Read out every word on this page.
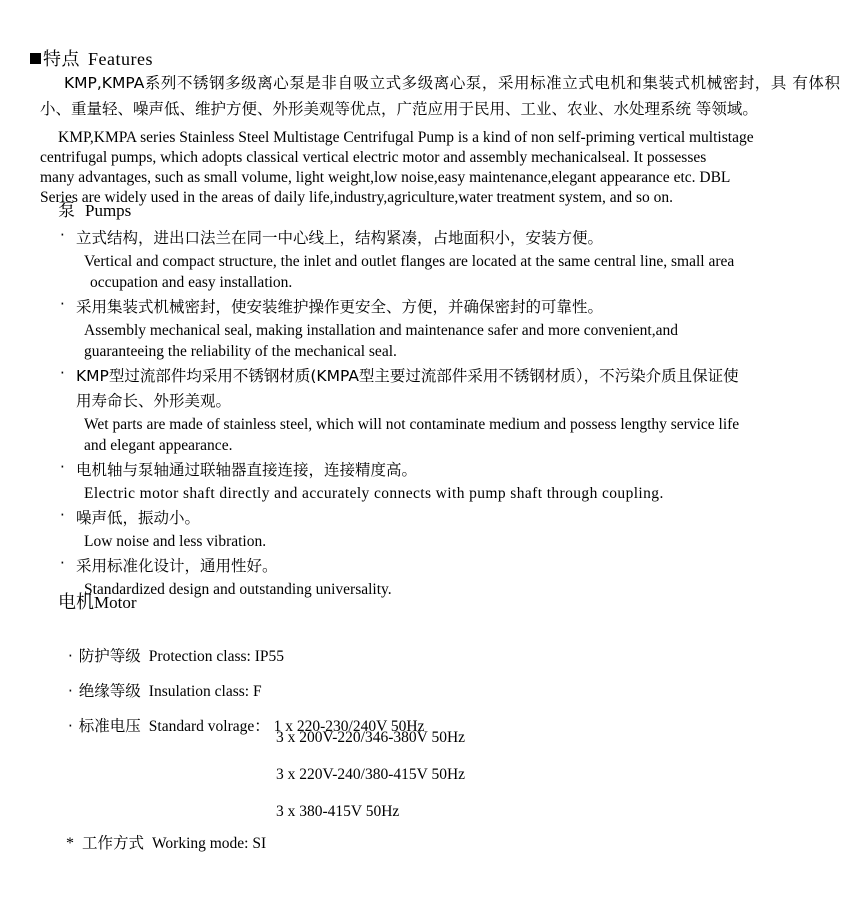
特点 Features

KMP,KMPA系列不锈钢多级离心泵是非自吸立式多级离心泵，采用标准立式电机和集装式机械密封，具 有体积小、重量轻、噪声低、维护方便、外形美观等优点，广范应用于民用、工业、农业、水处理系统 等领域。

KMP,KMPA series Stainless Steel Multistage Centrifugal Pump is a kind of non self-priming vertical multistage

centrifugal pumps, which adopts classical vertical electric motor and assembly mechanicalseal. It possesses
many advantages, such as small volume, light weight,low noise,easy maintenance,elegant appearance etc. DBL
Series are widely used in the areas of daily life,industry,agriculture,water treatment system, and so on.
泵 Pumps
· 立式结构，进出口法兰在同一中心线上，结构紧凑，占地面积小，安装方便。
Vertical and compact structure, the inlet and outlet flanges are located at the same central line, small area
occupation and easy installation.
· 采用集装式机械密封，使安装维护操作更安全、方便，并确保密封的可靠性。
Assembly mechanical seal, making installation and maintenance safer and more convenient,and
guaranteeing the reliability of the mechanical seal.
· KMP型过流部件均采用不锈钢材质(KMPA型主要过流部件采用不锈钢材质），不污染介质且保证使
用寿命长、外形美观。
Wet parts are made of stainless steel, which will not contaminate medium and possess lengthy service life
and elegant appearance.
· 电机轴与泵轴通过联轴器直接连接，连接精度高。
Electric motor shaft directly and accurately connects with pump shaft through coupling.
· 噪声低，振动小。
Low noise and less vibration.
· 采用标准化设计，通用性好。
Standardized design and outstanding universality.
电机Motor
· 防护等级 Protection class: IP55
· 绝缘等级 Insulation class: F
· 标准电压 Standard volrage： 1 x 220-230/240V 50Hz
3 x 200V-220/346-380V 50Hz
3 x 220V-240/380-415V 50Hz
3 x 380-415V 50Hz
* 工作方式 Working mode: SI
